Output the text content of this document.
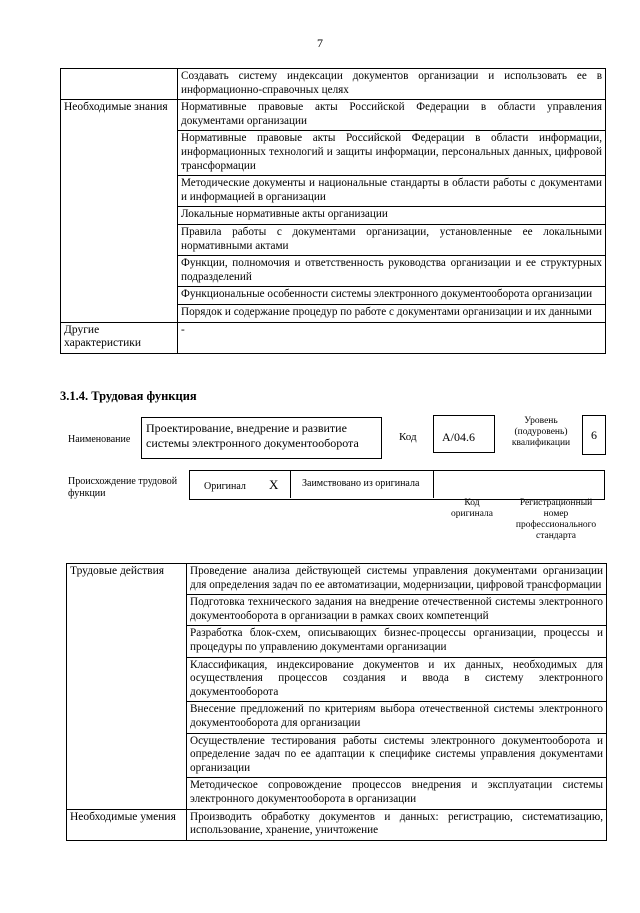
7
	Создавать систему индексации документов организации и использовать ее в информационно-справочных целях
Необходимые знания	Нормативные правовые акты Российской Федерации в области управления документами организации
	Нормативные правовые акты Российской Федерации в области информации, информационных технологий и защиты информации, персональных данных, цифровой трансформации
	Методические документы и национальные стандарты в области работы с документами и информацией в организации
	Локальные нормативные акты организации
	Правила работы с документами организации, установленные ее локальными нормативными актами
	Функции, полномочия и ответственность руководства организации и ее структурных подразделений
	Функциональные особенности системы электронного документооборота организации
	Порядок и содержание процедур по работе с документами организации и их данными
Другие характеристики	-
3.1.4. Трудовая функция
Наименование
Проектирование, внедрение и развитие системы электронного документооборота	Код	A/04.6
Уровень (подуровень) квалификации
6
Происхождение трудовой функции
Оригинал X Заимствовано из оригинала
Код оригинала
Регистрационный номер профессионального стандарта
Трудовые действия	Проведение анализа действующей системы управления документами организации для определения задач по ее автоматизации, модернизации, цифровой трансформации
	Подготовка технического задания на внедрение отечественной системы электронного документооборота в организации в рамках своих компетенций
	Разработка блок-схем, описывающих бизнес-процессы организации, процессы и процедуры по управлению документами организации
	Классификация, индексирование документов и их данных, необходимых для осуществления процессов создания и ввода в систему электронного документооборота
	Внесение предложений по критериям выбора отечественной системы электронного документооборота для организации
	Осуществление тестирования работы системы электронного документооборота и определение задач по ее адаптации к специфике системы управления документами организации
	Методическое сопровождение процессов внедрения и эксплуатации системы электронного документооборота в организации
Необходимые умения	Производить обработку документов и данных: регистрацию, систематизацию, использование, хранение, уничтожение
